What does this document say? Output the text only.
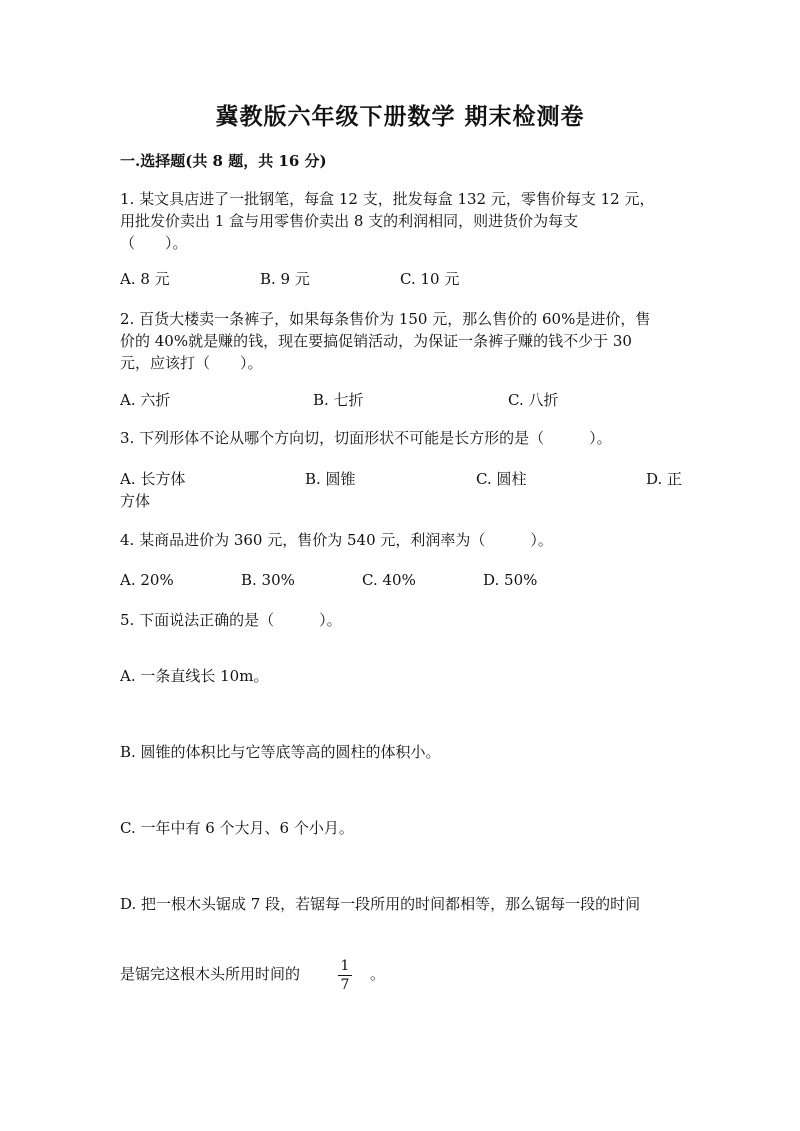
冀教版六年级下册数学 期末检测卷
一.选择题(共 8 题，共 16 分)
1. 某文具店进了一批钢笔，每盒 12 支，批发每盒 132 元，零售价每支 12 元，
用批发价卖出 1 盒与用零售价卖出 8 支的利润相同，则进货价为每支
（　　）。
A. 8 元	B. 9 元	C. 10 元
2. 百货大楼卖一条裤子，如果每条售价为 150 元，那么售价的 60%是进价，售
价的 40%就是赚的钱，现在要搞促销活动，为保证一条裤子赚的钱不少于 30
元，应该打（　　）。
A. 六折	B. 七折	C. 八折
3. 下列形体不论从哪个方向切，切面形状不可能是长方形的是（　　　）。
A. 长方体	B. 圆锥	C. 圆柱	D. 正
方体
4. 某商品进价为 360 元，售价为 540 元，利润率为（　　　）。
A. 20%	B. 30%	C. 40%	D. 50%
5. 下面说法正确的是（　　　）。
A. 一条直线长 10m。
B. 圆锥的体积比与它等底等高的圆柱的体积小。
C. 一年中有 6 个大月、6 个小月。
D. 把一根木头锯成 7 段，若锯每一段所用的时间都相等，那么锯每一段的时间
是锯完这根木头所用时间的	1
7
。
